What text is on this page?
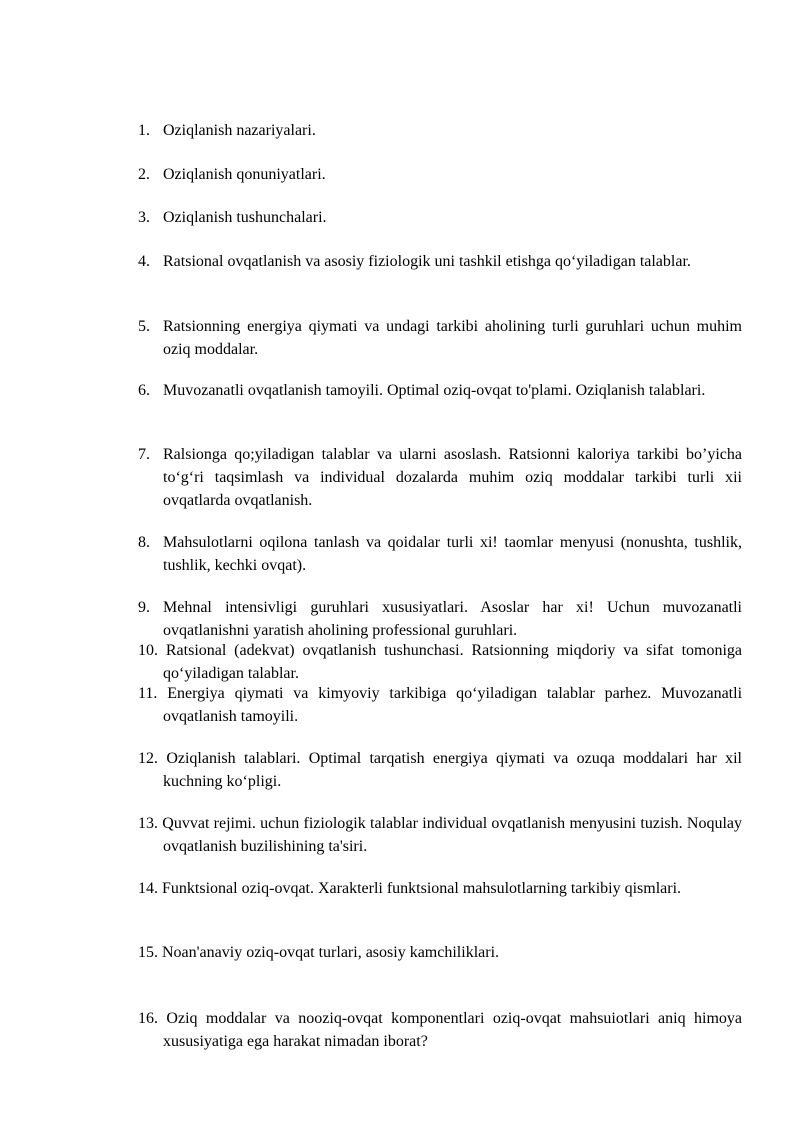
1. Oziqlanish nazariyalari.
2. Oziqlanish qonuniyatlari.
3. Oziqlanish tushunchalari.
4. Ratsional ovqatlanish va asosiy fiziologik uni tashkil etishga qo‘yiladigan talablar.
5. Ratsionning energiya qiymati va undagi tarkibi aholining turli guruhlari uchun muhim oziq moddalar.
6. Muvozanatli ovqatlanish tamoyili. Optimal oziq-ovqat to'plami. Oziqlanish talablari.
7. Ralsionga qo;yiladigan talablar va ularni asoslash. Ratsionni kaloriya tarkibi bo’yicha to‘g‘ri taqsimlash va individual dozalarda muhim oziq moddalar tarkibi turli xii ovqatlarda ovqatlanish.
8. Mahsulotlarni oqilona tanlash va qoidalar turli xi! taomlar menyusi (nonushta, tushlik, tushlik, kechki ovqat).
9. Mehnal intensivligi guruhlari xususiyatlari. Asoslar har xi! Uchun muvozanatli ovqatlanishni yaratish aholining professional guruhlari.
10. Ratsional (adekvat) ovqatlanish tushunchasi. Ratsionning miqdoriy va sifat tomoniga qo‘yiladigan talablar.
11. Energiya qiymati va kimyoviy tarkibiga qo‘yiladigan talablar parhez. Muvozanatli ovqatlanish tamoyili.
12. Oziqlanish talablari. Optimal tarqatish energiya qiymati va ozuqa moddalari har xil kuchning ko‘pligi.
13. Quvvat rejimi. uchun fiziologik talablar individual ovqatlanish menyusini tuzish. Noqulay ovqatlanish buzilishining ta'siri.
14. Funktsional oziq-ovqat. Xarakterli funktsional mahsulotlarning tarkibiy qismlari.
15. Noan'anaviy oziq-ovqat turlari, asosiy kamchiliklari.
16. Oziq moddalar va nooziq-ovqat komponentlari oziq-ovqat mahsuiotlari aniq himoya xususiyatiga ega harakat nimadan iborat?
